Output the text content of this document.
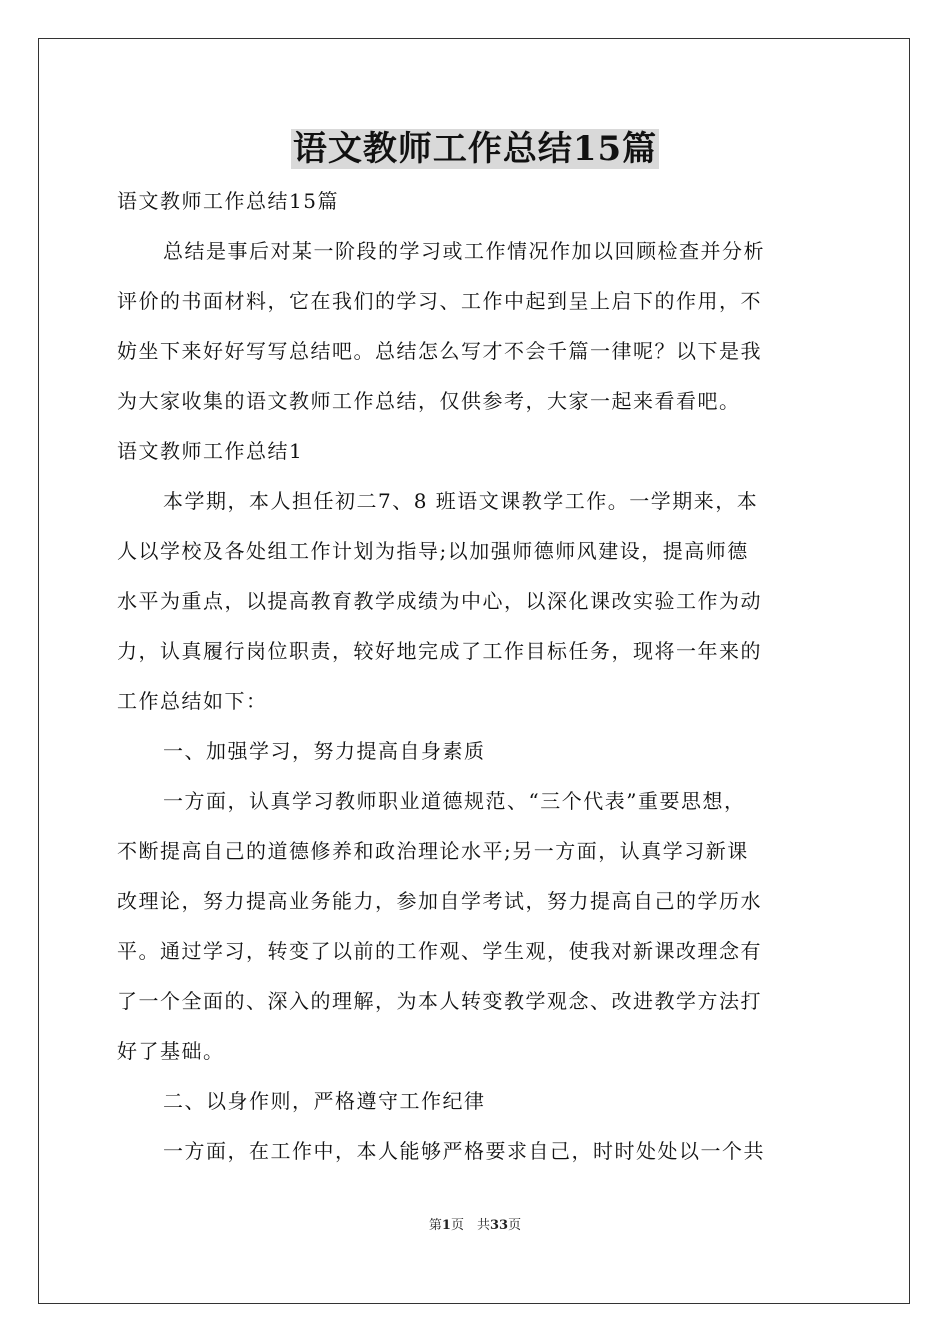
语文教师工作总结15篇
语文教师工作总结15篇
总结是事后对某一阶段的学习或工作情况作加以回顾检查并分析
评价的书面材料，它在我们的学习、工作中起到呈上启下的作用，不
妨坐下来好好写写总结吧。总结怎么写才不会千篇一律呢？以下是我
为大家收集的语文教师工作总结，仅供参考，大家一起来看看吧。
语文教师工作总结1
本学期，本人担任初二7、8 班语文课教学工作。一学期来，本
人以学校及各处组工作计划为指导;以加强师德师风建设，提高师德
水平为重点，以提高教育教学成绩为中心，以深化课改实验工作为动
力，认真履行岗位职责，较好地完成了工作目标任务，现将一年来的
工作总结如下：
一、加强学习，努力提高自身素质
一方面，认真学习教师职业道德规范、“三个代表”重要思想，
不断提高自己的道德修养和政治理论水平;另一方面，认真学习新课
改理论，努力提高业务能力，参加自学考试，努力提高自己的学历水
平。通过学习，转变了以前的工作观、学生观，使我对新课改理念有
了一个全面的、深入的理解，为本人转变教学观念、改进教学方法打
好了基础。
二、以身作则，严格遵守工作纪律
一方面，在工作中，本人能够严格要求自己，时时处处以一个共
第1页　共33页
